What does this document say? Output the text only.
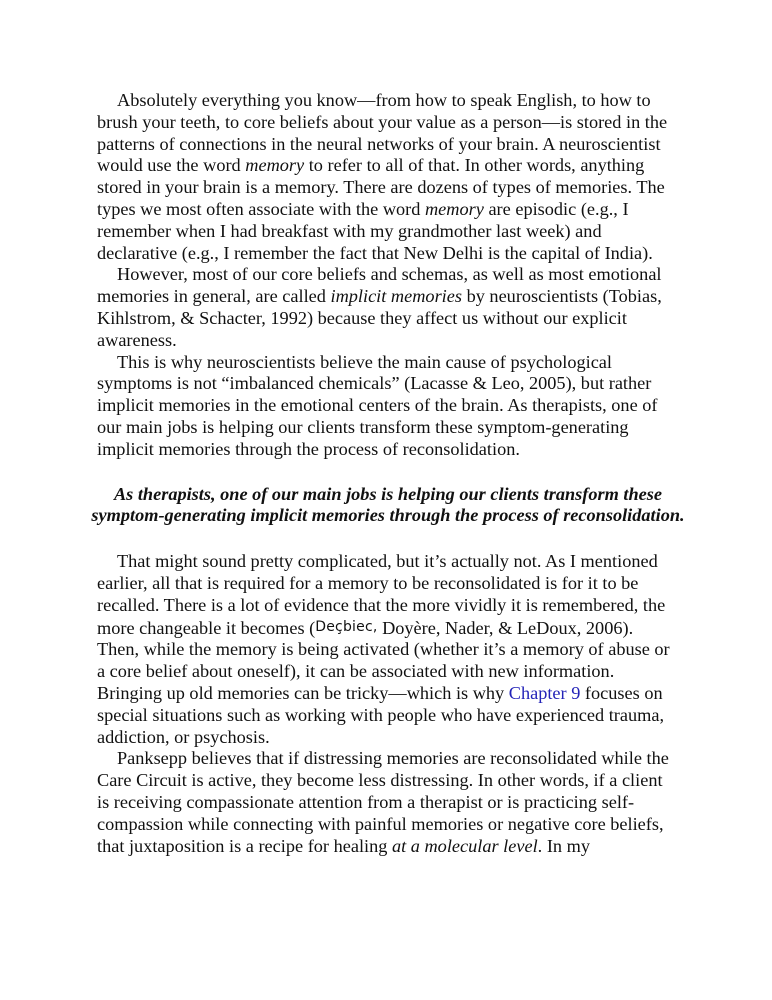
Absolutely everything you know—from how to speak English, to how to brush your teeth, to core beliefs about your value as a person—is stored in the patterns of connections in the neural networks of your brain. A neuroscientist would use the word memory to refer to all of that. In other words, anything stored in your brain is a memory. There are dozens of types of memories. The types we most often associate with the word memory are episodic (e.g., I remember when I had breakfast with my grandmother last week) and declarative (e.g., I remember the fact that New Delhi is the capital of India).

However, most of our core beliefs and schemas, as well as most emotional memories in general, are called implicit memories by neuroscientists (Tobias, Kihlstrom, & Schacter, 1992) because they affect us without our explicit awareness.

This is why neuroscientists believe the main cause of psychological symptoms is not “imbalanced chemicals” (Lacasse & Leo, 2005), but rather implicit memories in the emotional centers of the brain. As therapists, one of our main jobs is helping our clients transform these symptom-generating implicit memories through the process of reconsolidation.

As therapists, one of our main jobs is helping our clients transform these symptom-generating implicit memories through the process of reconsolidation.

That might sound pretty complicated, but it’s actually not. As I mentioned earlier, all that is required for a memory to be reconsolidated is for it to be recalled. There is a lot of evidence that the more vividly it is remembered, the more changeable it becomes (Deçbiec, Doyère, Nader, & LeDoux, 2006). Then, while the memory is being activated (whether it’s a memory of abuse or a core belief about oneself), it can be associated with new information. Bringing up old memories can be tricky—which is why Chapter 9 focuses on special situations such as working with people who have experienced trauma, addiction, or psychosis.

Panksepp believes that if distressing memories are reconsolidated while the Care Circuit is active, they become less distressing. In other words, if a client is receiving compassionate attention from a therapist or is practicing self-compassion while connecting with painful memories or negative core beliefs, that juxtaposition is a recipe for healing at a molecular level. In my
